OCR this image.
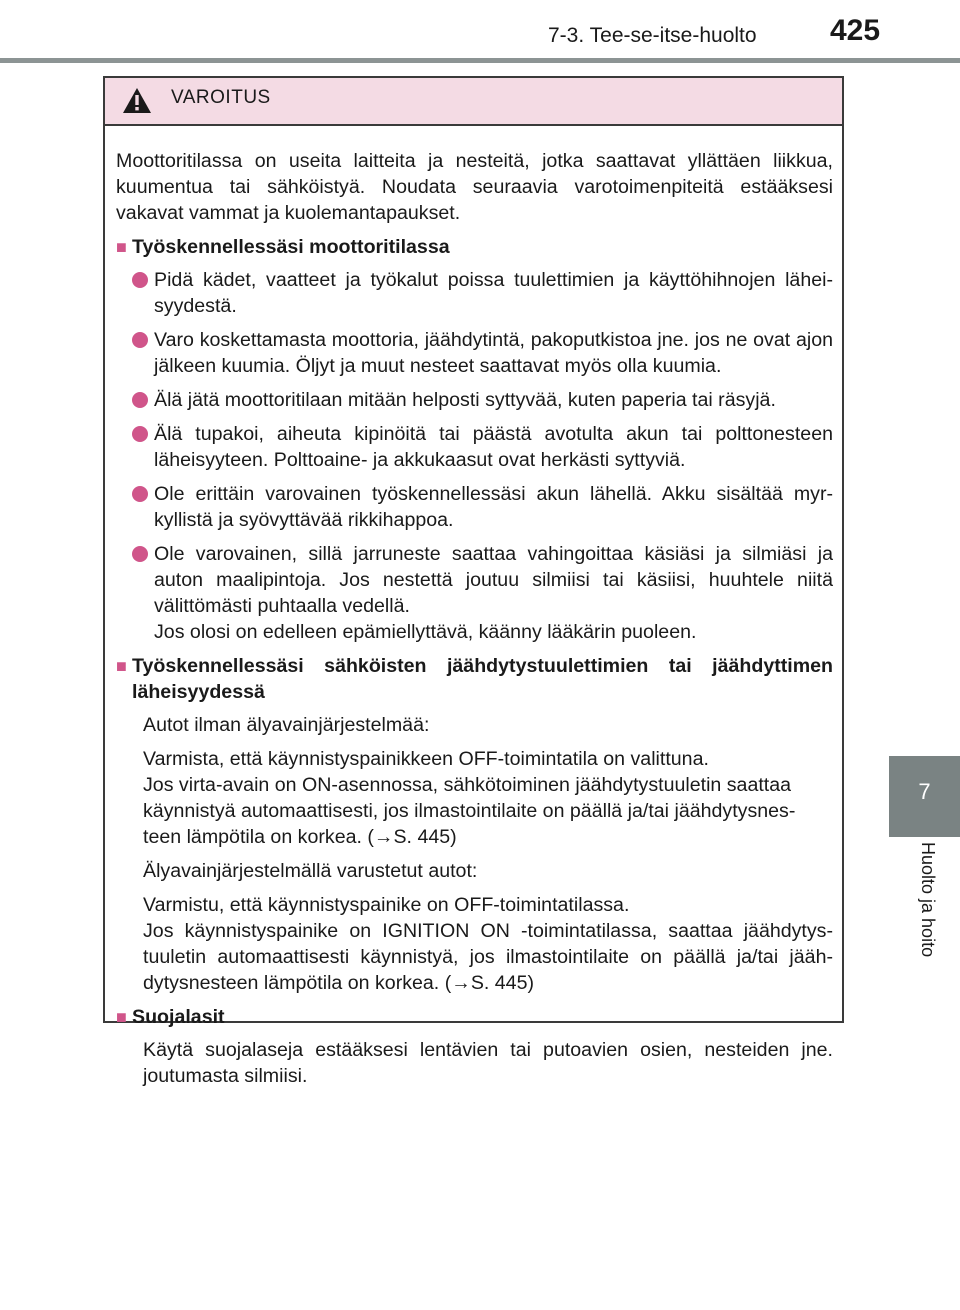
7-3. Tee-se-itse-huolto 425
7
Huolto ja hoito
VAROITUS

Moottoritilassa on useita laitteita ja nesteitä, jotka saattavat yllättäen liikkua, kuumentua tai sähköistyä. Noudata seuraavia varotoimenpiteitä estääksesi vakavat vammat ja kuolemantapaukset.

■ Työskennellessäsi moottoritilassa
Pidä kädet, vaatteet ja työkalut poissa tuulettimien ja käyttöhihnojen lähei-syydestä.
Varo koskettamasta moottoria, jäähdytintä, pakoputkistoa jne. jos ne ovat ajon jälkeen kuumia. Öljyt ja muut nesteet saattavat myös olla kuumia.
Älä jätä moottoritilaan mitään helposti syttyvää, kuten paperia tai räsyjä.
Älä tupakoi, aiheuta kipinöitä tai päästä avotulta akun tai polttonesteen läheisyyteen. Polttoaine- ja akkukaasut ovat herkästi syttyviä.
Ole erittäin varovainen työskennellessäsi akun lähellä. Akku sisältää myr-kyllistä ja syövyttävää rikkihappoa.
Ole varovainen, sillä jarruneste saattaa vahingoittaa käsiäsi ja silmiäsi ja auton maalipintoja. Jos nestettä joutuu silmiisi tai käsiisi, huuhtele niitä välittömästi puhtaalla vedellä.
Jos olosi on edelleen epämiellyttävä, käänny lääkärin puoleen.
■ Työskennellessäsi sähköisten jäähdytystuulettimien tai jäähdyttimen läheisyydessä

Autot ilman älyavainjärjestelmää:

Varmista, että käynnistyspainikkeen OFF-toimintatila on valittuna.
Jos virta-avain on ON-asennossa, sähkötoiminen jäähdytystuuletin saattaa käynnistyä automaattisesti, jos ilmastointilaite on päällä ja/tai jäähdytysnes-teen lämpötila on korkea. (→S. 445)

Älyavainjärjestelmällä varustetut autot:

Varmistu, että käynnistyspainike on OFF-toimintatilassa.
Jos käynnistyspainike on IGNITION ON -toimintatilassa, saattaa jäähdytys-tuuletin automaattisesti käynnistyä, jos ilmastointilaite on päällä ja/tai jääh-dytysnesteen lämpötila on korkea. (→S. 445)

■ Suojalasit

Käytä suojalaseja estääksesi lentävien tai putoavien osien, nesteiden jne. joutumasta silmiisi.
